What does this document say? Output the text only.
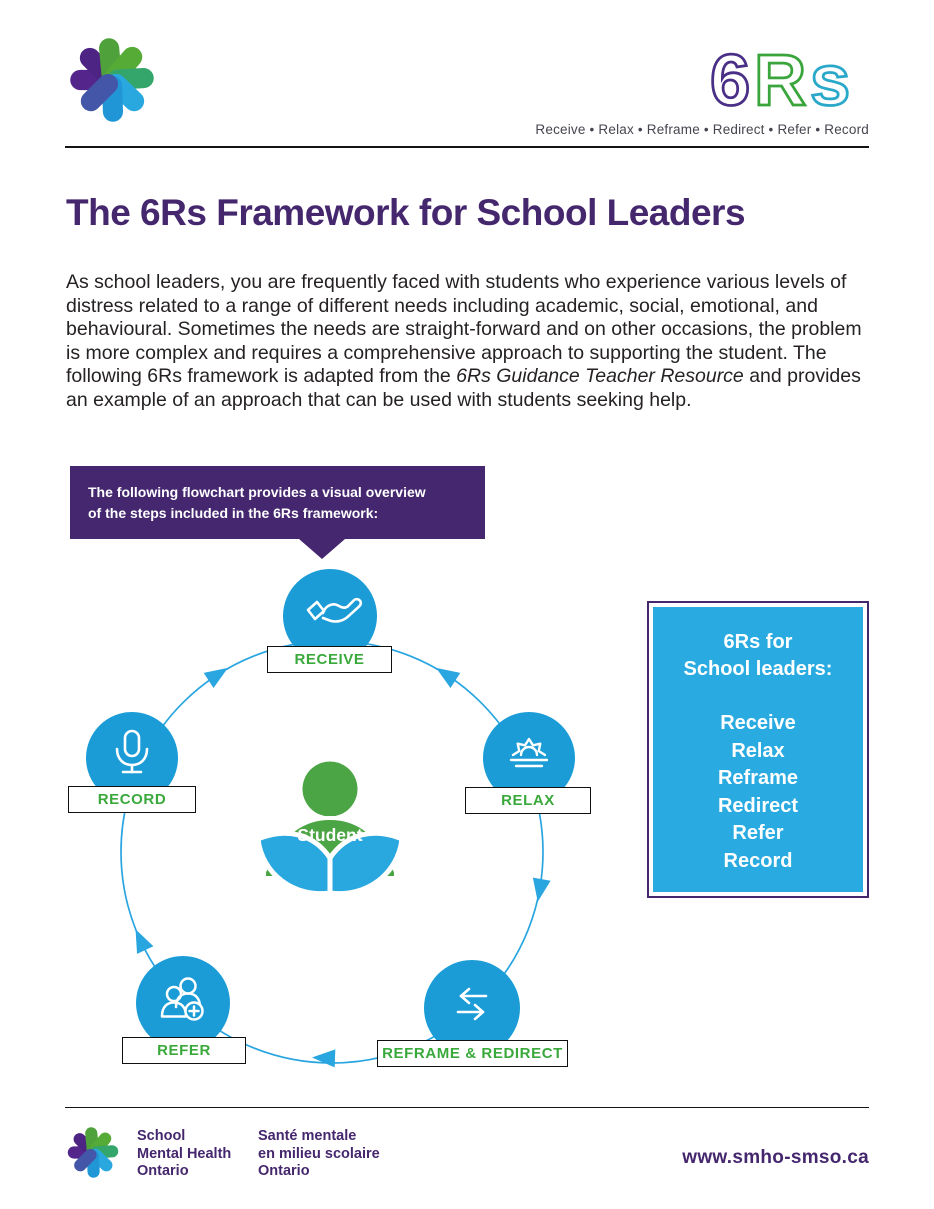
6Rs
Receive • Relax • Reframe • Redirect • Refer • Record
The 6Rs Framework for School Leaders

As school leaders, you are frequently faced with students who experience various levels of distress related to a range of different needs including academic, social, emotional, and behavioural. Sometimes the needs are straight-forward and on other occasions, the problem is more complex and requires a comprehensive approach to supporting the student. The following 6Rs framework is adapted from the 6Rs Guidance Teacher Resource and provides an example of an approach that can be used with students seeking help.

The following flowchart provides a visual overview
of the steps included in the 6Rs framework:
Student
RECEIVE
RECORD	RELAX
REFER	REFRAME & REDIRECT
6Rs for
School leaders:
Receive
Relax
Reframe
Redirect
Refer
Record
School
Mental Health
Ontario
Santé mentale
en milieu scolaire
Ontario
www.smho-smso.ca
